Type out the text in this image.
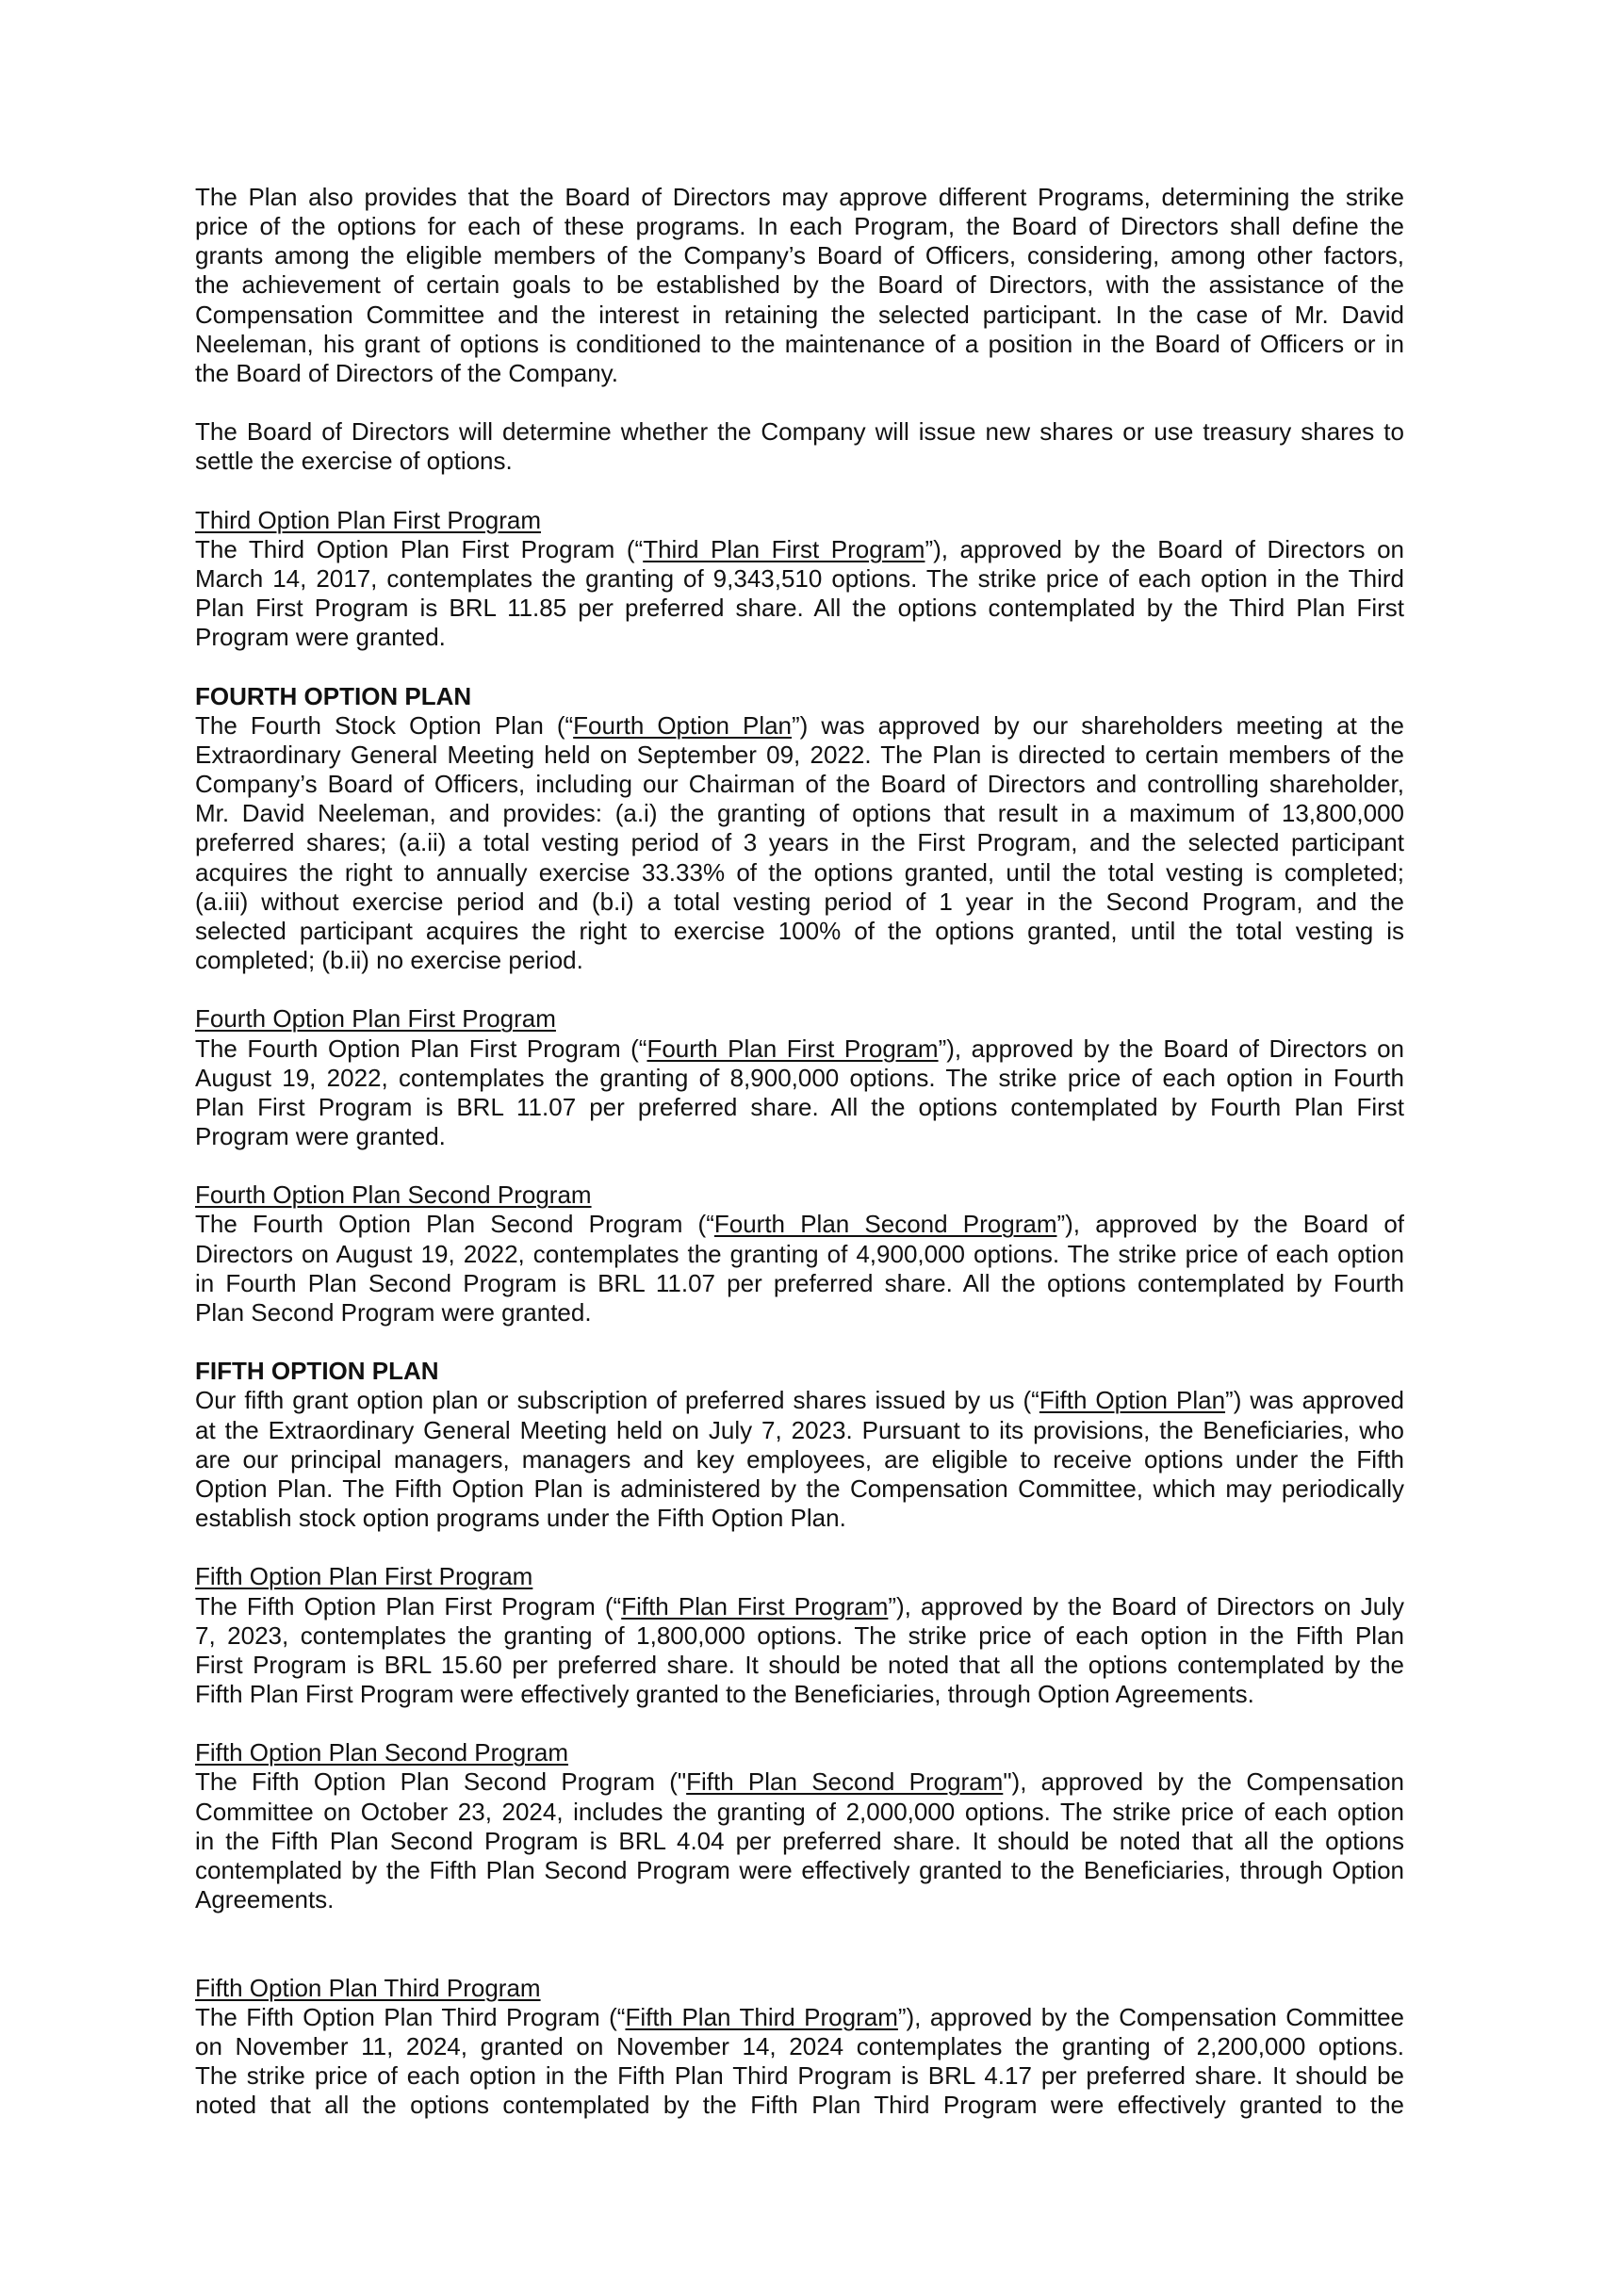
The Plan also provides that the Board of Directors may approve different Programs, determining the strike
price of the options for each of these programs. In each Program, the Board of Directors shall define the
grants among the eligible members of the Company’s Board of Officers, considering, among other factors,
the achievement of certain goals to be established by the Board of Directors, with the assistance of the
Compensation Committee and the interest in retaining the selected participant. In the case of Mr. David
Neeleman, his grant of options is conditioned to the maintenance of a position in the Board of Officers or in
the Board of Directors of the Company.
The Board of Directors will determine whether the Company will issue new shares or use treasury shares to
settle the exercise of options.
Third Option Plan First Program
The Third Option Plan First Program (“Third Plan First Program”), approved by the Board of Directors on
March 14, 2017, contemplates the granting of 9,343,510 options. The strike price of each option in the Third
Plan First Program is BRL 11.85 per preferred share. All the options contemplated by the Third Plan First
Program were granted.
FOURTH OPTION PLAN
The Fourth Stock Option Plan (“Fourth Option Plan”) was approved by our shareholders meeting at the
Extraordinary General Meeting held on September 09, 2022. The Plan is directed to certain members of the
Company’s Board of Officers, including our Chairman of the Board of Directors and controlling shareholder,
Mr. David Neeleman, and provides: (a.i) the granting of options that result in a maximum of 13,800,000
preferred shares; (a.ii) a total vesting period of 3 years in the First Program, and the selected participant
acquires the right to annually exercise 33.33% of the options granted, until the total vesting is completed;
(a.iii) without exercise period and (b.i) a total vesting period of 1 year in the Second Program, and the
selected participant acquires the right to exercise 100% of the options granted, until the total vesting is
completed; (b.ii) no exercise period.
Fourth Option Plan First Program
The Fourth Option Plan First Program (“Fourth Plan First Program”), approved by the Board of Directors on
August 19, 2022, contemplates the granting of 8,900,000 options. The strike price of each option in Fourth
Plan First Program is BRL 11.07 per preferred share. All the options contemplated by Fourth Plan First
Program were granted.
Fourth Option Plan Second Program
The Fourth Option Plan Second Program (“Fourth Plan Second Program”), approved by the Board of
Directors on August 19, 2022, contemplates the granting of 4,900,000 options. The strike price of each option
in Fourth Plan Second Program is BRL 11.07 per preferred share. All the options contemplated by Fourth
Plan Second Program were granted.
FIFTH OPTION PLAN
Our fifth grant option plan or subscription of preferred shares issued by us (“Fifth Option Plan”) was approved
at the Extraordinary General Meeting held on July 7, 2023. Pursuant to its provisions, the Beneficiaries, who
are our principal managers, managers and key employees, are eligible to receive options under the Fifth
Option Plan. The Fifth Option Plan is administered by the Compensation Committee, which may periodically
establish stock option programs under the Fifth Option Plan.
Fifth Option Plan First Program
The Fifth Option Plan First Program (“Fifth Plan First Program”), approved by the Board of Directors on July
7, 2023, contemplates the granting of 1,800,000 options. The strike price of each option in the Fifth Plan
First Program is BRL 15.60 per preferred share. It should be noted that all the options contemplated by the
Fifth Plan First Program were effectively granted to the Beneficiaries, through Option Agreements.
Fifth Option Plan Second Program
The Fifth Option Plan Second Program ("Fifth Plan Second Program"), approved by the Compensation
Committee on October 23, 2024, includes the granting of 2,000,000 options. The strike price of each option
in the Fifth Plan Second Program is BRL 4.04 per preferred share. It should be noted that all the options
contemplated by the Fifth Plan Second Program were effectively granted to the Beneficiaries, through Option
Agreements.
Fifth Option Plan Third Program
The Fifth Option Plan Third Program (“Fifth Plan Third Program”), approved by the Compensation Committee
on November 11, 2024, granted on November 14, 2024 contemplates the granting of 2,200,000 options.
The strike price of each option in the Fifth Plan Third Program is BRL 4.17 per preferred share. It should be
noted that all the options contemplated by the Fifth Plan Third Program were effectively granted to the
